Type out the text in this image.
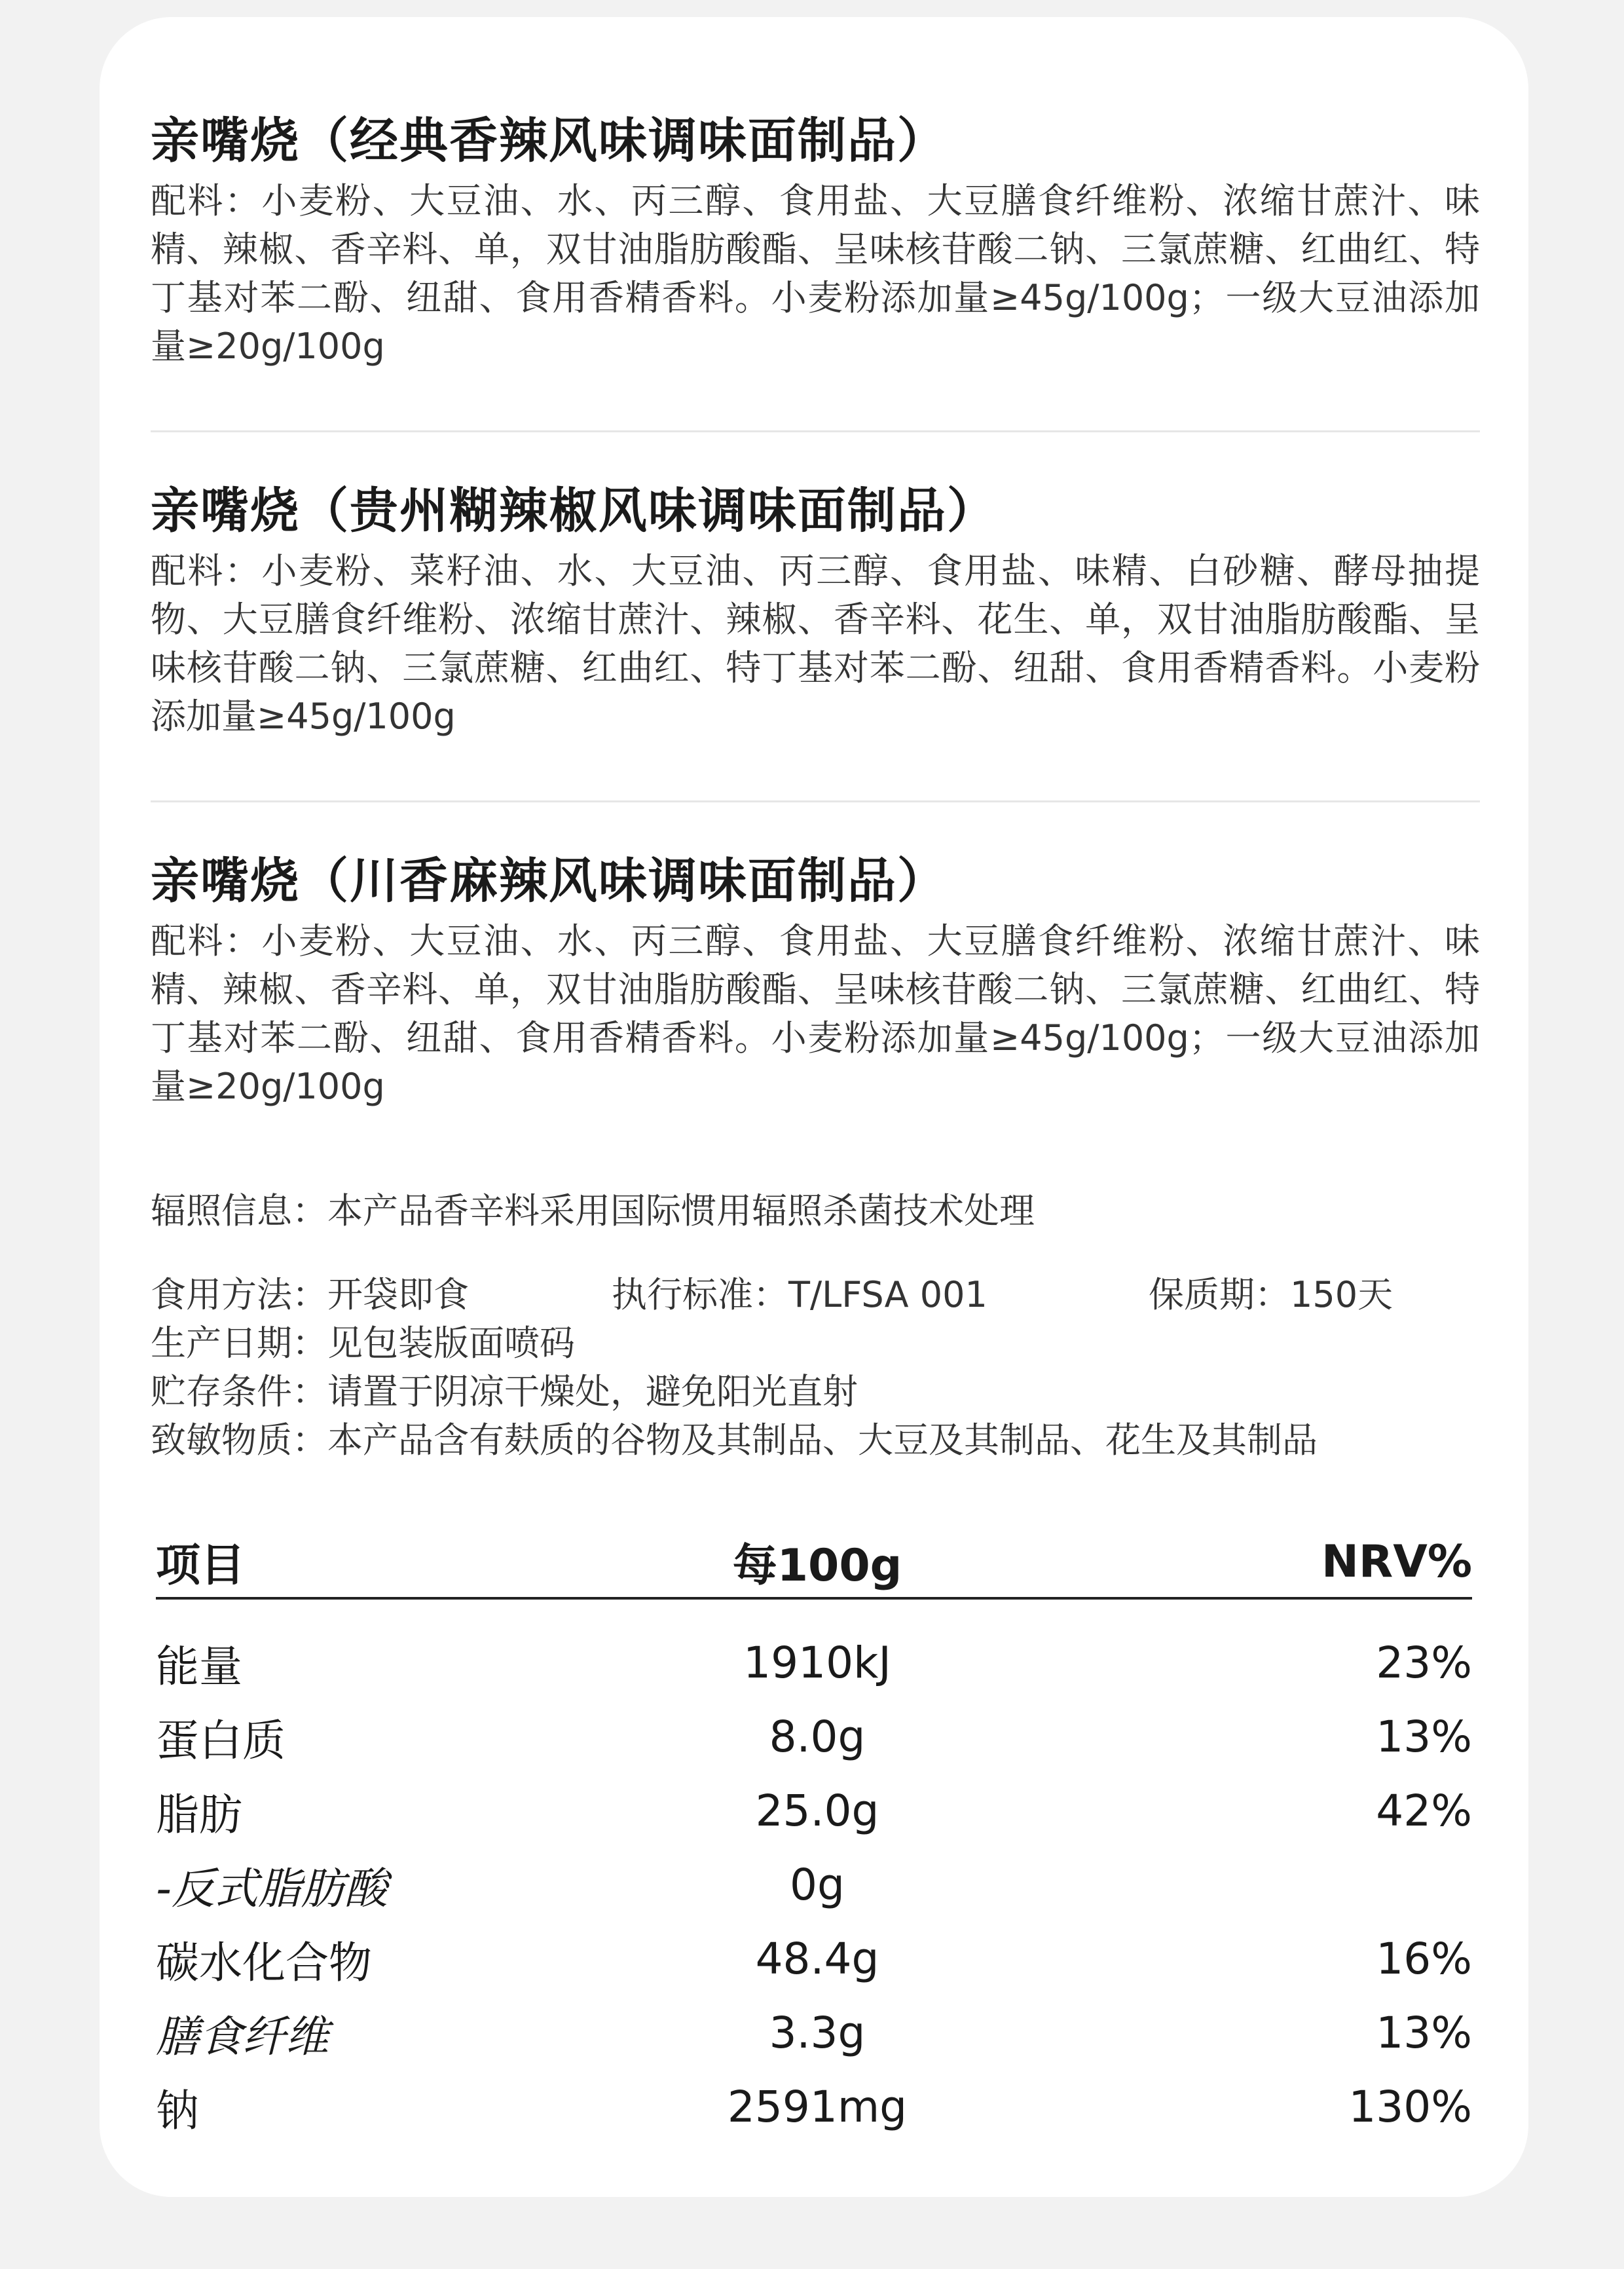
亲嘴烧（经典香辣风味调味面制品）
配料：小麦粉、大豆油、水、丙三醇、食用盐、大豆膳食纤维粉、浓缩甘蔗汁、味精、辣椒、香辛料、单，双甘油脂肪酸酯、呈味核苷酸二钠、三氯蔗糖、红曲红、特丁基对苯二酚、纽甜、食用香精香料。小麦粉添加量≥45g/100g；一级大豆油添加量≥20g/100g
亲嘴烧（贵州糊辣椒风味调味面制品）
配料：小麦粉、菜籽油、水、大豆油、丙三醇、食用盐、味精、白砂糖、酵母抽提物、大豆膳食纤维粉、浓缩甘蔗汁、辣椒、香辛料、花生、单，双甘油脂肪酸酯、呈味核苷酸二钠、三氯蔗糖、红曲红、特丁基对苯二酚、纽甜、食用香精香料。小麦粉添加量≥45g/100g
亲嘴烧（川香麻辣风味调味面制品）
配料：小麦粉、大豆油、水、丙三醇、食用盐、大豆膳食纤维粉、浓缩甘蔗汁、味精、辣椒、香辛料、单，双甘油脂肪酸酯、呈味核苷酸二钠、三氯蔗糖、红曲红、特丁基对苯二酚、纽甜、食用香精香料。小麦粉添加量≥45g/100g；一级大豆油添加量≥20g/100g
辐照信息：本产品香辛料采用国际惯用辐照杀菌技术处理
食用方法：开袋即食	执行标准：T/LFSA 001	保质期：150天
生产日期：见包装版面喷码
贮存条件：请置于阴凉干燥处，避免阳光直射
致敏物质：本产品含有麸质的谷物及其制品、大豆及其制品、花生及其制品
项目	每100g	NRV%
能量	1910kJ	23%
蛋白质	8.0g	13%
脂肪	25.0g	42%
-反式脂肪酸	0g
碳水化合物	48.4g	16%
膳食纤维	3.3g	13%
钠	2591mg	130%
